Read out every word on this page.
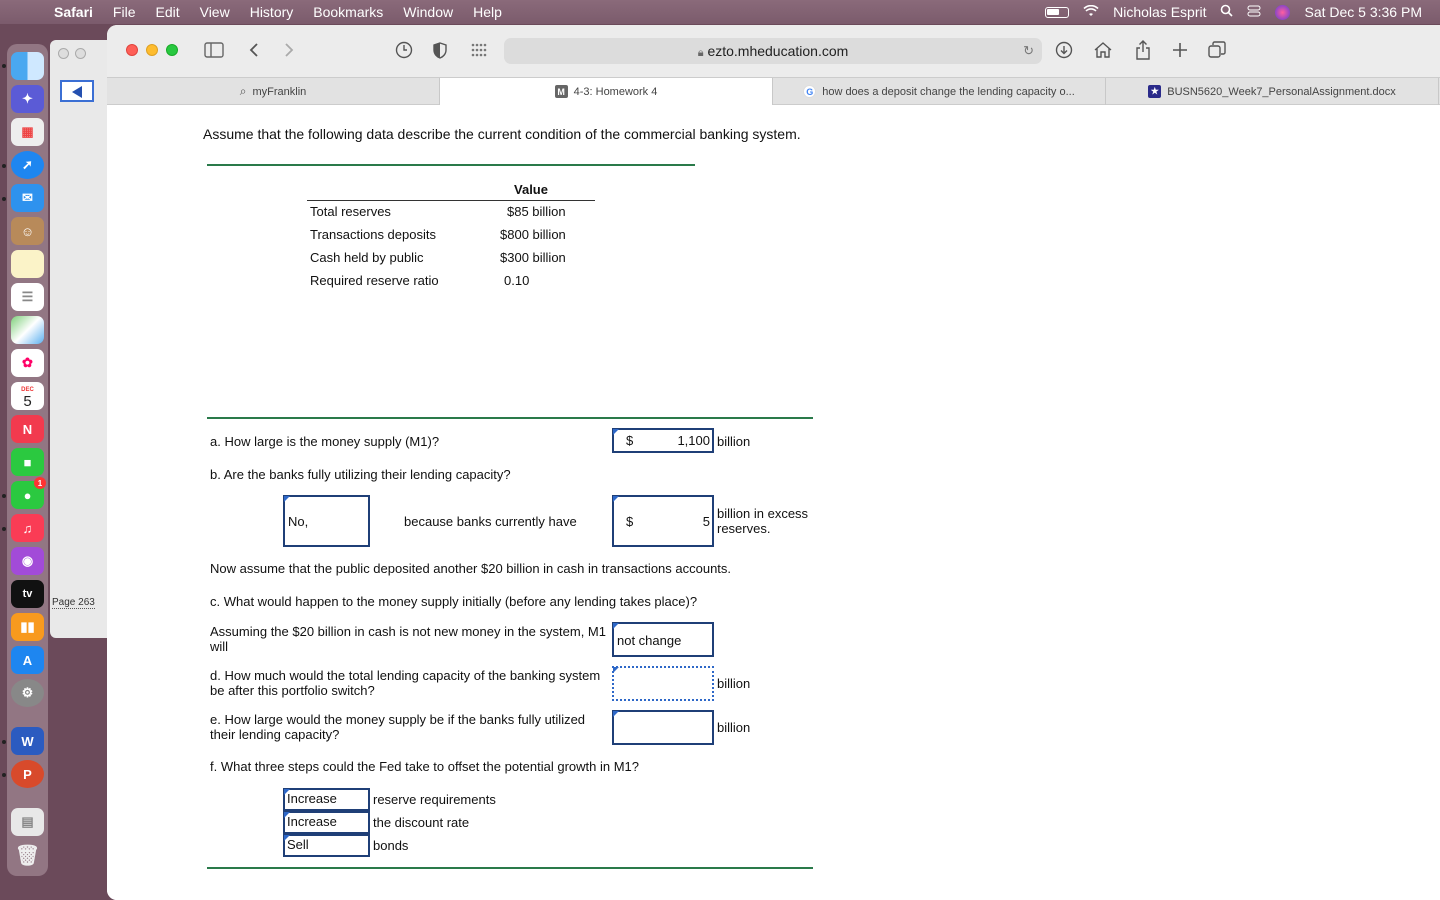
Safari	File	Edit	View	History	Bookmarks	Window	Help	Nicholas Esprit	Sat Dec 5 3:36 PM
✦
▦
➚
✉
☺
☰
✿
DEC
5
N
■
●
1
♫
◉
tv
▮▮
A
⚙
W
P
▤
🗑
Page 263
🔒︎ ezto.mheducation.com	↻
⌕ myFranklin	M 4-3: Homework 4	G how does a deposit change the lending capacity o...	★ BUSN5620_Week7_PersonalAssignment.docx
Assume that the following data describe the current condition of the commercial banking system.
	Value
Total reserves	$85 billion
Transactions deposits	$800 billion
Cash held by public	$300 billion
Required reserve ratio	0.10
a. How large is the money supply (M1)?	$	1,100 billion
b. Are the banks fully utilizing their lending capacity?
No,	because banks currently have	$	5 billion in excess reserves.
Now assume that the public deposited another $20 billion in cash in transactions accounts.
c. What would happen to the money supply initially (before any lending takes place)?
Assuming the $20 billion in cash is not new money in the system, M1 will	not change
d. How much would the total lending capacity of the banking system be after this portfolio switch?	billion
e. How large would the money supply be if the banks fully utilized their lending capacity?	billion
f. What three steps could the Fed take to offset the potential growth in M1?
Increase	reserve requirements
Increase	the discount rate
Sell	bonds
